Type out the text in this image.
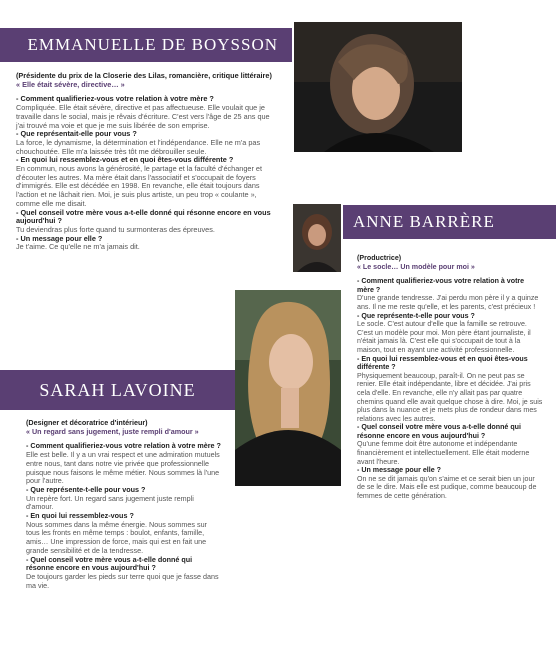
EMMANUELLE DE BOYSSON

(Présidente du prix de la Closerie des Lilas, romancière, critique littéraire)

« Elle était sévère, directive… »

- Comment qualifieriez-vous votre relation à votre mère ?

Compliquée. Elle était sévère, directive et pas affectueuse. Elle voulait que je travaille dans le social, mais je rêvais d'écriture. C'est vers l'âge de 25 ans que j'ai trouvé ma voie et que je me suis libérée de son emprise.

- Que représentait-elle pour vous ?

La force, le dynamisme, la détermination et l'indépendance. Elle ne m'a pas chouchoutée. Elle m'a laissée très tôt me débrouiller seule.

- En quoi lui ressemblez-vous et en quoi êtes-vous différente ?

En commun, nous avons la générosité, le partage et la faculté d'échanger et d'écouter les autres. Ma mère était dans l'associatif et s'occupait de foyers d'immigrés. Elle est décédée en 1998. En revanche, elle était toujours dans l'action et ne lâchait rien. Moi, je suis plus artiste, un peu trop « coulante », comme elle me disait.

- Quel conseil votre mère vous a-t-elle donné qui résonne encore en vous aujourd'hui ?

Tu deviendras plus forte quand tu surmonteras des épreuves.

- Un message pour elle ?

Je t'aime. Ce qu'elle ne m'a jamais dit.

ANNE BARRÈRE

(Productrice)

« Le socle… Un modèle pour moi »

- Comment qualifieriez-vous votre relation à votre mère ?

D'une grande tendresse. J'ai perdu mon père il y a quinze ans. Il ne me reste qu'elle, et les parents, c'est précieux !

- Que représente-t-elle pour vous ?

Le socle. C'est autour d'elle que la famille se retrouve. C'est un modèle pour moi. Mon père étant journaliste, il n'était jamais là. C'est elle qui s'occupait de tout à la maison, tout en ayant une activité professionnelle.

- En quoi lui ressemblez-vous et en quoi êtes-vous différente ?

Physiquement beaucoup, paraît-il. On ne peut pas se renier. Elle était indépendante, libre et décidée. J'ai pris cela d'elle. En revanche, elle n'y allait pas par quatre chemins quand elle avait quelque chose à dire. Moi, je suis plus dans la nuance et je mets plus de rondeur dans mes relations avec les autres.

- Quel conseil votre mère vous a-t-elle donné qui résonne encore en vous aujourd'hui ?

Qu'une femme doit être autonome et indépendante financièrement et intellectuellement. Elle était moderne avant l'heure.

- Un message pour elle ?

On ne se dit jamais qu'on s'aime et ce serait bien un jour de se le dire. Mais elle est pudique, comme beaucoup de femmes de cette génération.

SARAH LAVOINE

(Designer et décoratrice d'intérieur)

« Un regard sans jugement, juste rempli d'amour »

- Comment qualifieriez-vous votre relation à votre mère ?

Elle est belle. Il y a un vrai respect et une admiration mutuels entre nous, tant dans notre vie privée que professionnelle puisque nous faisons le même métier. Nous sommes là l'une pour l'autre.

- Que représente-t-elle pour vous ?

Un repère fort. Un regard sans jugement juste rempli d'amour.

- En quoi lui ressemblez-vous ?

Nous sommes dans la même énergie. Nous sommes sur tous les fronts en même temps : boulot, enfants, famille, amis… Une impression de force, mais qui est en fait une grande sensibilité et de la tendresse.

- Quel conseil votre mère vous a-t-elle donné qui résonne encore en vous aujourd'hui ?

De toujours garder les pieds sur terre quoi que je fasse dans ma vie.
